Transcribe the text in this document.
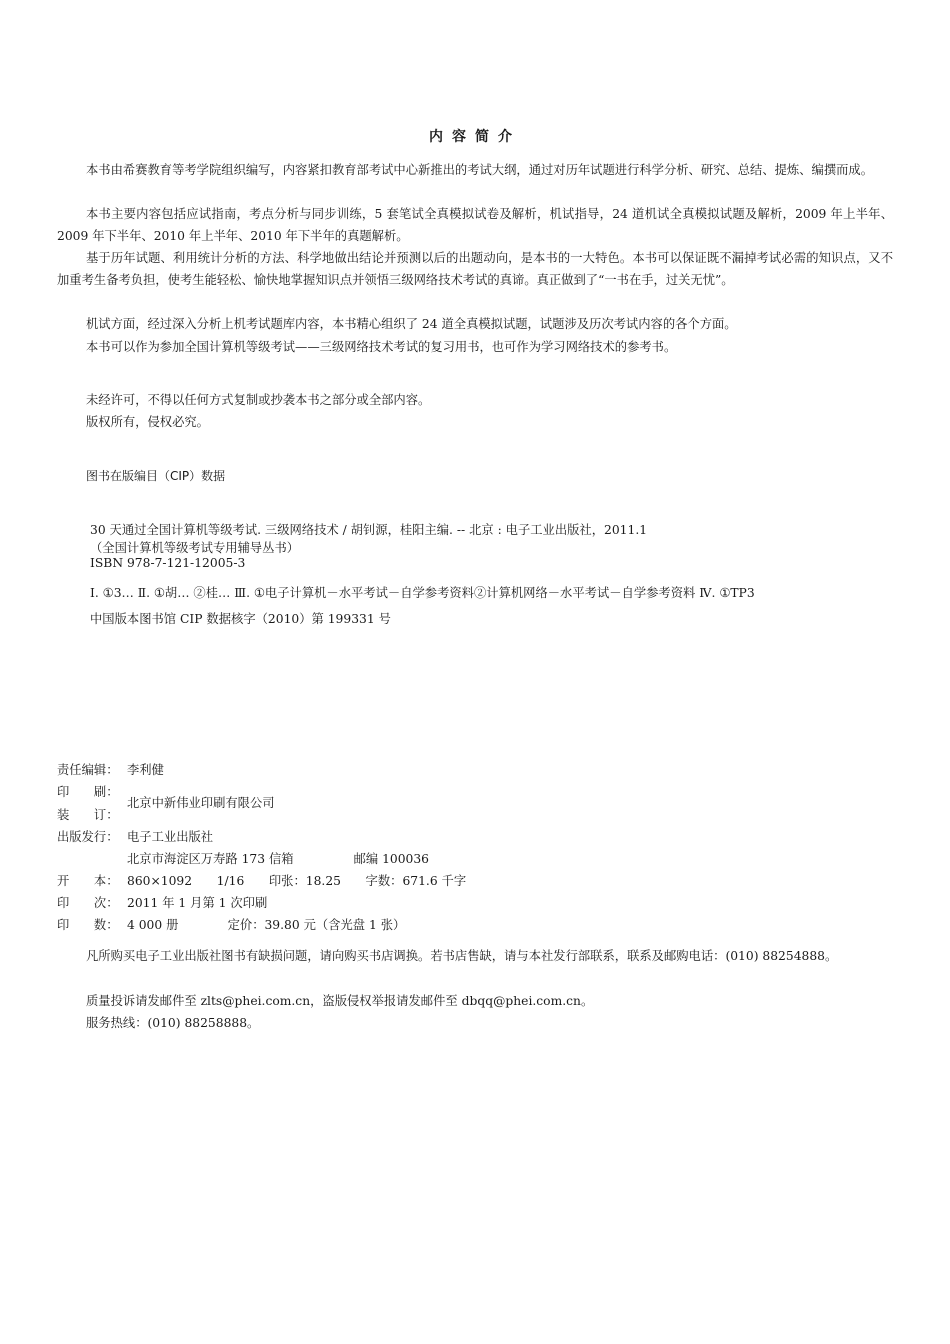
内容简介
本书由希赛教育等考学院组织编写，内容紧扣教育部考试中心新推出的考试大纲，通过对历年试题进行科学分析、研究、总结、提炼、编撰而成。
本书主要内容包括应试指南，考点分析与同步训练，5 套笔试全真模拟试卷及解析，机试指导，24 道机试全真模拟试题及解析，2009 年上半年、2009 年下半年、2010 年上半年、2010 年下半年的真题解析。
基于历年试题、利用统计分析的方法、科学地做出结论并预测以后的出题动向，是本书的一大特色。本书可以保证既不漏掉考试必需的知识点，又不加重考生备考负担，使考生能轻松、愉快地掌握知识点并领悟三级网络技术考试的真谛。真正做到了“一书在手，过关无忧”。
机试方面，经过深入分析上机考试题库内容，本书精心组织了 24 道全真模拟试题，试题涉及历次考试内容的各个方面。
本书可以作为参加全国计算机等级考试——三级网络技术考试的复习用书，也可作为学习网络技术的参考书。
未经许可，不得以任何方式复制或抄袭本书之部分或全部内容。
版权所有，侵权必究。
图书在版编目（CIP）数据
30 天通过全国计算机等级考试. 三级网络技术 / 胡钊源，桂阳主编. -- 北京 : 电子工业出版社，2011.1
（全国计算机等级考试专用辅导丛书）
ISBN 978-7-121-12005-3
Ⅰ. ①3… Ⅱ. ①胡… ②桂… Ⅲ. ①电子计算机－水平考试－自学参考资料②计算机网络－水平考试－自学参考资料 Ⅳ. ①TP3
中国版本图书馆 CIP 数据核字（2010）第 199331 号
责任编辑： 李利健
印　　刷：
装　　订：
北京中新伟业印刷有限公司
出版发行： 电子工业出版社
北京市海淀区万寿路 173 信箱	邮编 100036
开　　本： 860×1092　　1/16　　印张：18.25　　字数：671.6 千字
印　　次： 2011 年 1 月第 1 次印刷
印　　数： 4 000 册　　　　定价：39.80 元（含光盘 1 张）
凡所购买电子工业出版社图书有缺损问题，请向购买书店调换。若书店售缺，请与本社发行部联系，联系及邮购电话：(010) 88254888。
质量投诉请发邮件至 zlts@phei.com.cn，盗版侵权举报请发邮件至 dbqq@phei.com.cn。
服务热线：(010) 88258888。
